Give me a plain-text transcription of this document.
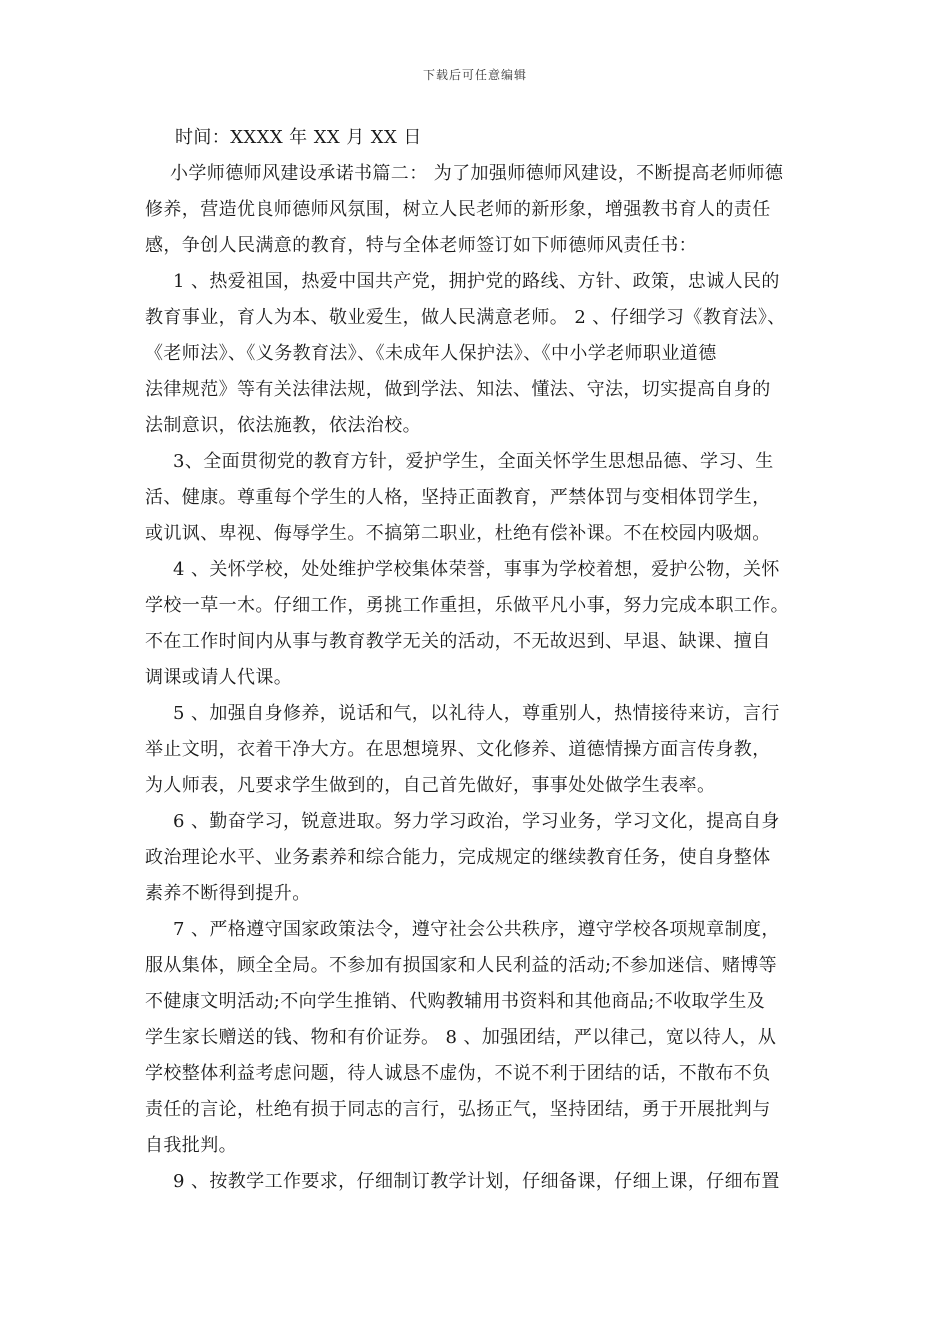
下载后可任意编辑
时间：XXXX 年 XX 月 XX 日
小学师德师风建设承诺书篇二： 为了加强师德师风建设，不断提高老师师德
修养，营造优良师德师风氛围，树立人民老师的新形象，增强教书育人的责任
感，争创人民满意的教育，特与全体老师签订如下师德师风责任书：
1 、热爱祖国，热爱中国共产党，拥护党的路线、方针、政策，忠诚人民的
教育事业，育人为本、敬业爱生，做人民满意老师。 2 、仔细学习《教育法》、
《老师法》、《义务教育法》、《未成年人保护法》、《中小学老师职业道德
法律规范》等有关法律法规，做到学法、知法、懂法、守法，切实提高自身的
法制意识，依法施教，依法治校。
3、全面贯彻党的教育方针，爱护学生，全面关怀学生思想品德、学习、生
活、健康。尊重每个学生的人格，坚持正面教育，严禁体罚与变相体罚学生，
或讥讽、卑视、侮辱学生。不搞第二职业，杜绝有偿补课。不在校园内吸烟。
4 、关怀学校，处处维护学校集体荣誉，事事为学校着想，爱护公物，关怀
学校一草一木。仔细工作，勇挑工作重担，乐做平凡小事，努力完成本职工作。
不在工作时间内从事与教育教学无关的活动，不无故迟到、早退、缺课、擅自
调课或请人代课。
5 、加强自身修养，说话和气，以礼待人，尊重别人，热情接待来访，言行
举止文明，衣着干净大方。在思想境界、文化修养、道德情操方面言传身教，
为人师表，凡要求学生做到的，自己首先做好，事事处处做学生表率。
6 、勤奋学习，锐意进取。努力学习政治，学习业务，学习文化，提高自身
政治理论水平、业务素养和综合能力，完成规定的继续教育任务，使自身整体
素养不断得到提升。
7 、严格遵守国家政策法令，遵守社会公共秩序，遵守学校各项规章制度，
服从集体，顾全全局。不参加有损国家和人民利益的活动;不参加迷信、赌博等
不健康文明活动;不向学生推销、代购教辅用书资料和其他商品;不收取学生及
学生家长赠送的钱、物和有价证券。 8 、加强团结，严以律己，宽以待人，从
学校整体利益考虑问题，待人诚恳不虚伪，不说不利于团结的话，不散布不负
责任的言论，杜绝有损于同志的言行，弘扬正气，坚持团结，勇于开展批判与
自我批判。
9 、按教学工作要求，仔细制订教学计划，仔细备课，仔细上课，仔细布置
